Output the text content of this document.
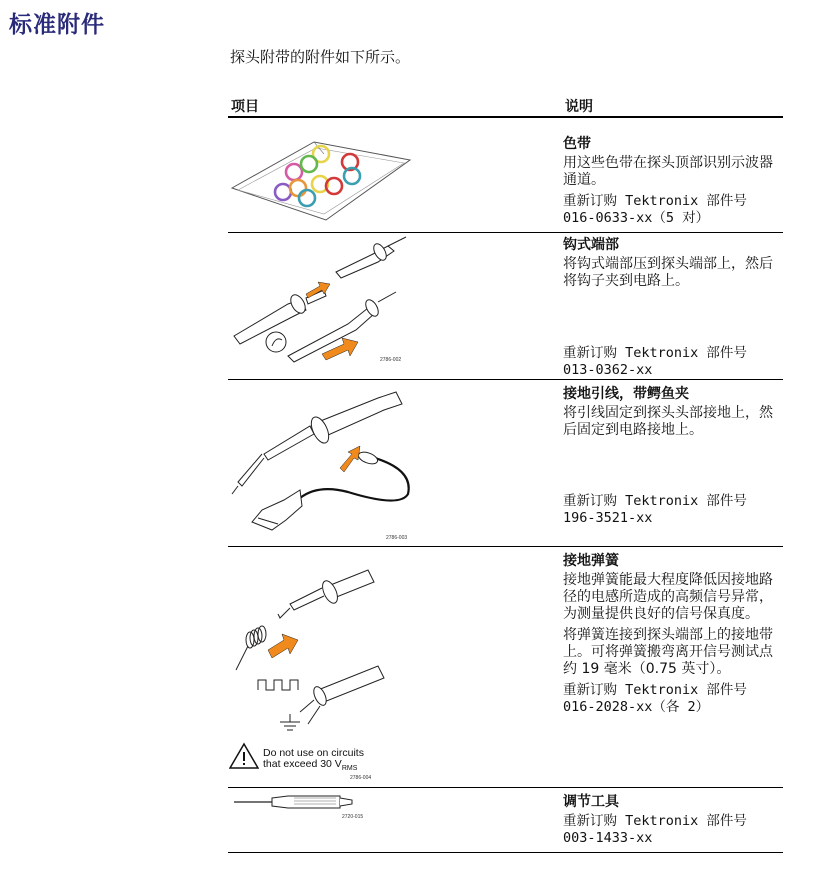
标准附件
探头附带的附件如下所示。
项目	说明
色带
用这些色带在探头顶部识别示波器通道。
重新订购 Tektronix 部件号
016-0633-xx（5 对）
钩式端部
将钩式端部压到探头端部上，然后将钩子夹到电路上。
重新订购 Tektronix 部件号
013-0362-xx
2786-002
接地引线，带鳄鱼夹
将引线固定到探头头部接地上，然后固定到电路接地上。
重新订购 Tektronix 部件号
196-3521-xx
2786-003
接地弹簧
接地弹簧能最大程度降低因接地路径的电感所造成的高频信号异常，为测量提供良好的信号保真度。
将弹簧连接到探头端部上的接地带上。可将弹簧搬弯离开信号测试点约 19 毫米（0.75 英寸）。
重新订购 Tektronix 部件号
016-2028-xx（各 2）
Do not use on circuits
that exceed 30 $V_{RMS}$
2786-004
调节工具
重新订购 Tektronix 部件号
003-1433-xx
2720-015
